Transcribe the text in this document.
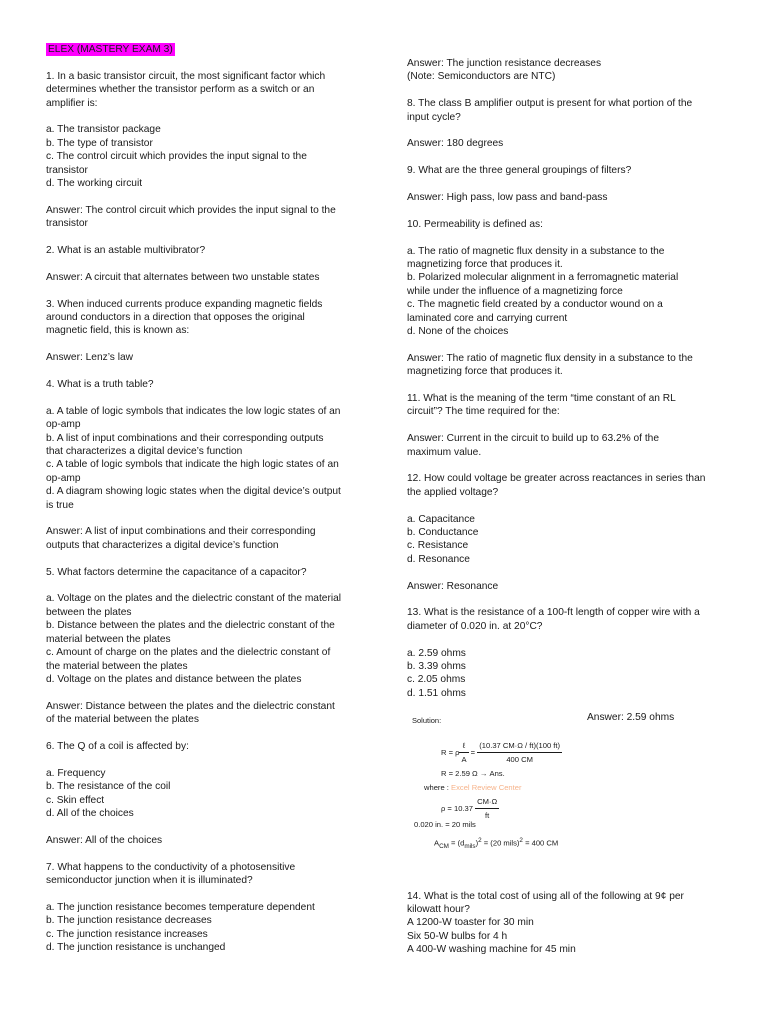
ELEX (MASTERY EXAM 3)
1. In a basic transistor circuit, the most significant factor which
determines whether the transistor perform as a switch or an
amplifier is:
a. The transistor package
b. The type of transistor
c. The control circuit which provides the input signal to the
transistor
d. The working circuit
Answer: The control circuit which provides the input signal to the
transistor
2. What is an astable multivibrator?
Answer: A circuit that alternates between two unstable states
3. When induced currents produce expanding magnetic fields
around conductors in a direction that opposes the original
magnetic field, this is known as:
Answer: Lenz’s law
4. What is a truth table?
a. A table of logic symbols that indicates the low logic states of an
op-amp
b. A list of input combinations and their corresponding outputs
that characterizes a digital device’s function
c. A table of logic symbols that indicate the high logic states of an
op-amp
d. A diagram showing logic states when the digital device’s output
is true
Answer: A list of input combinations and their corresponding
outputs that characterizes a digital device’s function
5. What factors determine the capacitance of a capacitor?
a. Voltage on the plates and the dielectric constant of the material
between the plates
b. Distance between the plates and the dielectric constant of the
material between the plates
c. Amount of charge on the plates and the dielectric constant of
the material between the plates
d. Voltage on the plates and distance between the plates
Answer: Distance between the plates and the dielectric constant
of the material between the plates
6. The Q of a coil is affected by:
a. Frequency
b. The resistance of the coil
c. Skin effect
d. All of the choices
Answer: All of the choices
7. What happens to the conductivity of a photosensitive
semiconductor junction when it is illuminated?
a. The junction resistance becomes temperature dependent
b. The junction resistance decreases
c. The junction resistance increases
d. The junction resistance is unchanged
Answer: The junction resistance decreases
(Note: Semiconductors are NTC)
8. The class B amplifier output is present for what portion of the
input cycle?
Answer: 180 degrees
9. What are the three general groupings of filters?
Answer: High pass, low pass and band-pass
10. Permeability is defined as:
a. The ratio of magnetic flux density in a substance to the
magnetizing force that produces it.
b. Polarized molecular alignment in a ferromagnetic material
while under the influence of a magnetizing force
c. The magnetic field created by a conductor wound on a
laminated core and carrying current
d. None of the choices
Answer: The ratio of magnetic flux density in a substance to the
magnetizing force that produces it.
11. What is the meaning of the term “time constant of an RL
circuit”? The time required for the:
Answer: Current in the circuit to build up to 63.2% of the
maximum value.
12. How could voltage be greater across reactances in series than
the applied voltage?
a. Capacitance
b. Conductance
c. Resistance
d. Resonance
Answer: Resonance
13. What is the resistance of a 100-ft length of copper wire with a
diameter of 0.020 in. at 20°C?
a. 2.59 ohms
b. 3.39 ohms
c. 2.05 ohms
d. 1.51 ohms
Solution:	Answer: 2.59 ohms
R = ρ $\frac{\text{ℓ}}{A} = \frac{(10.37 CM\cdot\Omega / ft)(100 ft)}{400 CM}$
R = 2.59 Ω → Ans.
where : Excel Review Center
$\rho = 10.37 \frac{CM\cdot\Omega}{ft}$
0.020 in. = 20 mils
$A_{CM} = (d_{mils})^2 = (20$ mils)$^2$ = 400 CM
14. What is the total cost of using all of the following at 9¢ per
kilowatt hour?
A 1200-W toaster for 30 min
Six 50-W bulbs for 4 h
A 400-W washing machine for 45 min
